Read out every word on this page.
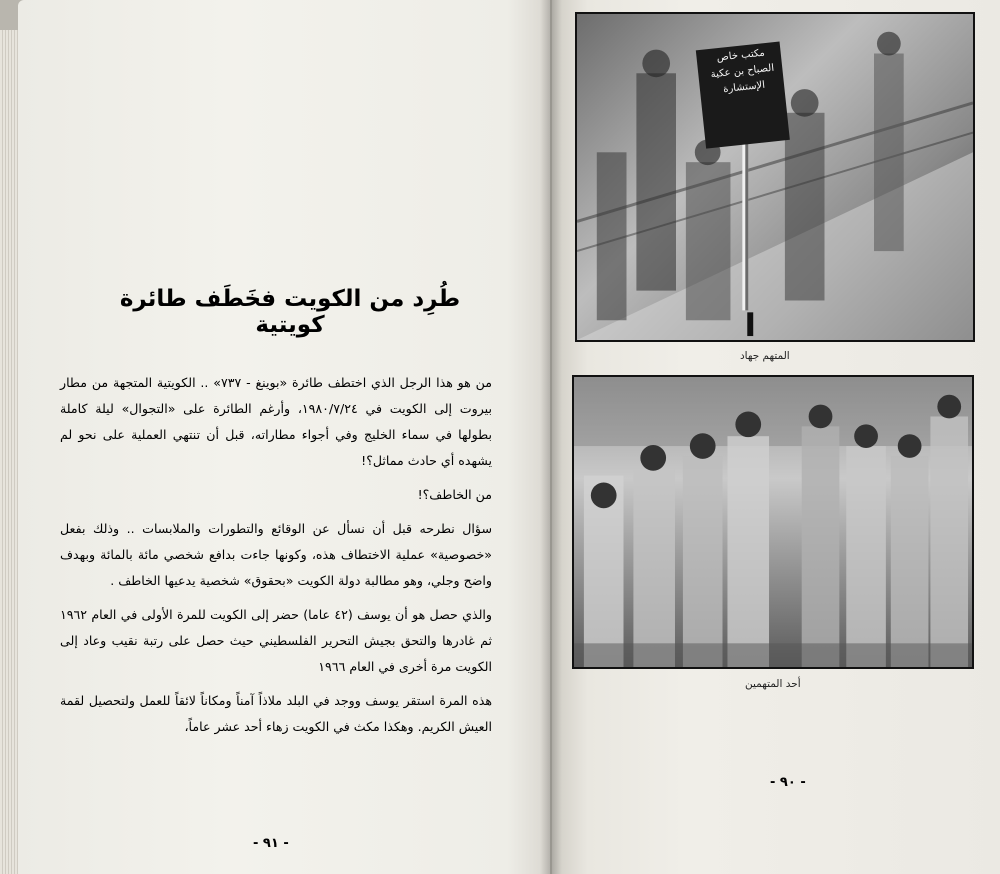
طُرِد من الكويت فخَطَف طائرة كويتية

من هو هذا الرجل الذي اختطف طائرة «بوينغ - ٧٣٧» .. الكويتية المتجهة من مطار بيروت إلى الكويت في ١٩٨٠/٧/٢٤، وأرغم الطائرة على «التجوال» ليلة كاملة بطولها في سماء الخليج وفي أجواء مطاراته، قبل أن تنتهي العملية على نحو لم يشهده أي حادث مماثل؟!

من الخاطف؟!

سؤال نطرحه قبل أن نسأل عن الوقائع والتطورات والملابسات .. وذلك بفعل «خصوصية» عملية الاختطاف هذه، وكونها جاءت بدافع شخصي مائة بالمائة وبهدف واضح وجلي، وهو مطالبة دولة الكويت «بحقوق» شخصية يدعيها الخاطف .

والذي حصل هو أن يوسف (٤٢ عاما) حضر إلى الكويت للمرة الأولى في العام ١٩٦٢ ثم غادرها والتحق بجيش التحرير الفلسطيني حيث حصل على رتبة نقيب وعاد إلى الكويت مرة أخرى في العام ١٩٦٦

هذه المرة استقر يوسف ووجد في البلد ملاذاً آمناً ومكاناً لائقاً للعمل ولتحصيل لقمة العيش الكريم. وهكذا مكث في الكويت زهاء أحد عشر عاماً،

- ٩١ -
مكتب خاص الصباح بن عكية الإستشارة
المتهم جهاد
أحد المتهمين
- ٩٠ -
